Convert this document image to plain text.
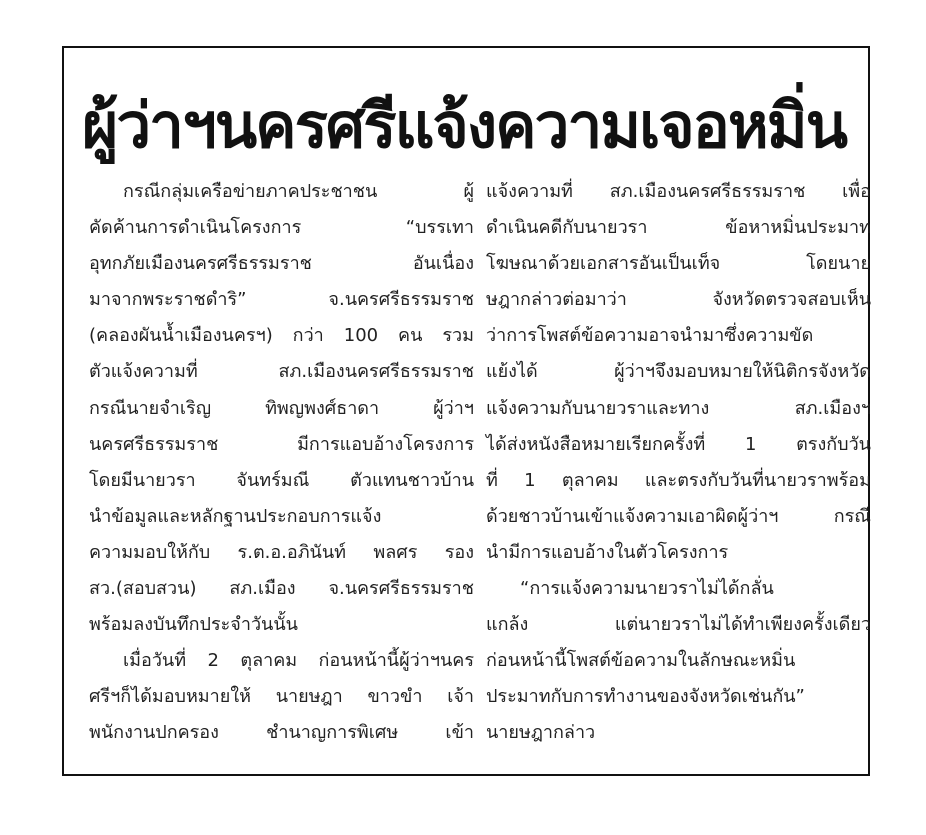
ผู้ว่าฯนครศรีแจ้งความเจอหมิ่น
กรณีกลุ่มเครือข่ายภาคประชาชน ผู้
คัดค้านการดำเนินโครงการ “บรรเทา
อุทกภัยเมืองนครศรีธรรมราช อันเนื่อง
มาจากพระราชดำริ” จ.นครศรีธรรมราช
(คลองผันน้ำเมืองนครฯ) กว่า 100 คน รวม
ตัวแจ้งความที่ สภ.เมืองนครศรีธรรมราช
กรณีนายจำเริญ ทิพญพงศ์ธาดา ผู้ว่าฯ
นครศรีธรรมราช มีการแอบอ้างโครงการ
โดยมีนายวรา จันทร์มณี ตัวแทนชาวบ้าน
นำข้อมูลและหลักฐานประกอบการแจ้ง
ความมอบให้กับ ร.ต.อ.อภินันท์ พลศร รอง
สว.(สอบสวน) สภ.เมือง จ.นครศรีธรรมราช
พร้อมลงบันทึกประจำวันนั้น
เมื่อวันที่ 2 ตุลาคม ก่อนหน้านี้ผู้ว่าฯนคร
ศรีฯก็ได้มอบหมายให้ นายษฎา ขาวขำ เจ้า
พนักงานปกครอง ชำนาญการพิเศษ เข้า
แจ้งความที่ สภ.เมืองนครศรีธรรมราช เพื่อ
ดำเนินคดีกับนายวรา ข้อหาหมิ่นประมาท
โฆษณาด้วยเอกสารอันเป็นเท็จ โดยนาย
ษฎากล่าวต่อมาว่า จังหวัดตรวจสอบเห็น
ว่าการโพสต์ข้อความอาจนำมาซึ่งความขัด
แย้งได้ ผู้ว่าฯจึงมอบหมายให้นิติกรจังหวัด
แจ้งความกับนายวราและทาง สภ.เมืองฯ
ได้ส่งหนังสือหมายเรียกครั้งที่ 1 ตรงกับวัน
ที่ 1 ตุลาคม และตรงกับวันที่นายวราพร้อม
ด้วยชาวบ้านเข้าแจ้งความเอาผิดผู้ว่าฯ กรณี
นำมีการแอบอ้างในตัวโครงการ
“การแจ้งความนายวราไม่ได้กลั่น
แกล้ง แต่นายวราไม่ได้ทำเพียงครั้งเดียว
ก่อนหน้านี้โพสต์ข้อความในลักษณะหมิ่น
ประมาทกับการทำงานของจังหวัดเช่นกัน”
นายษฎากล่าว
